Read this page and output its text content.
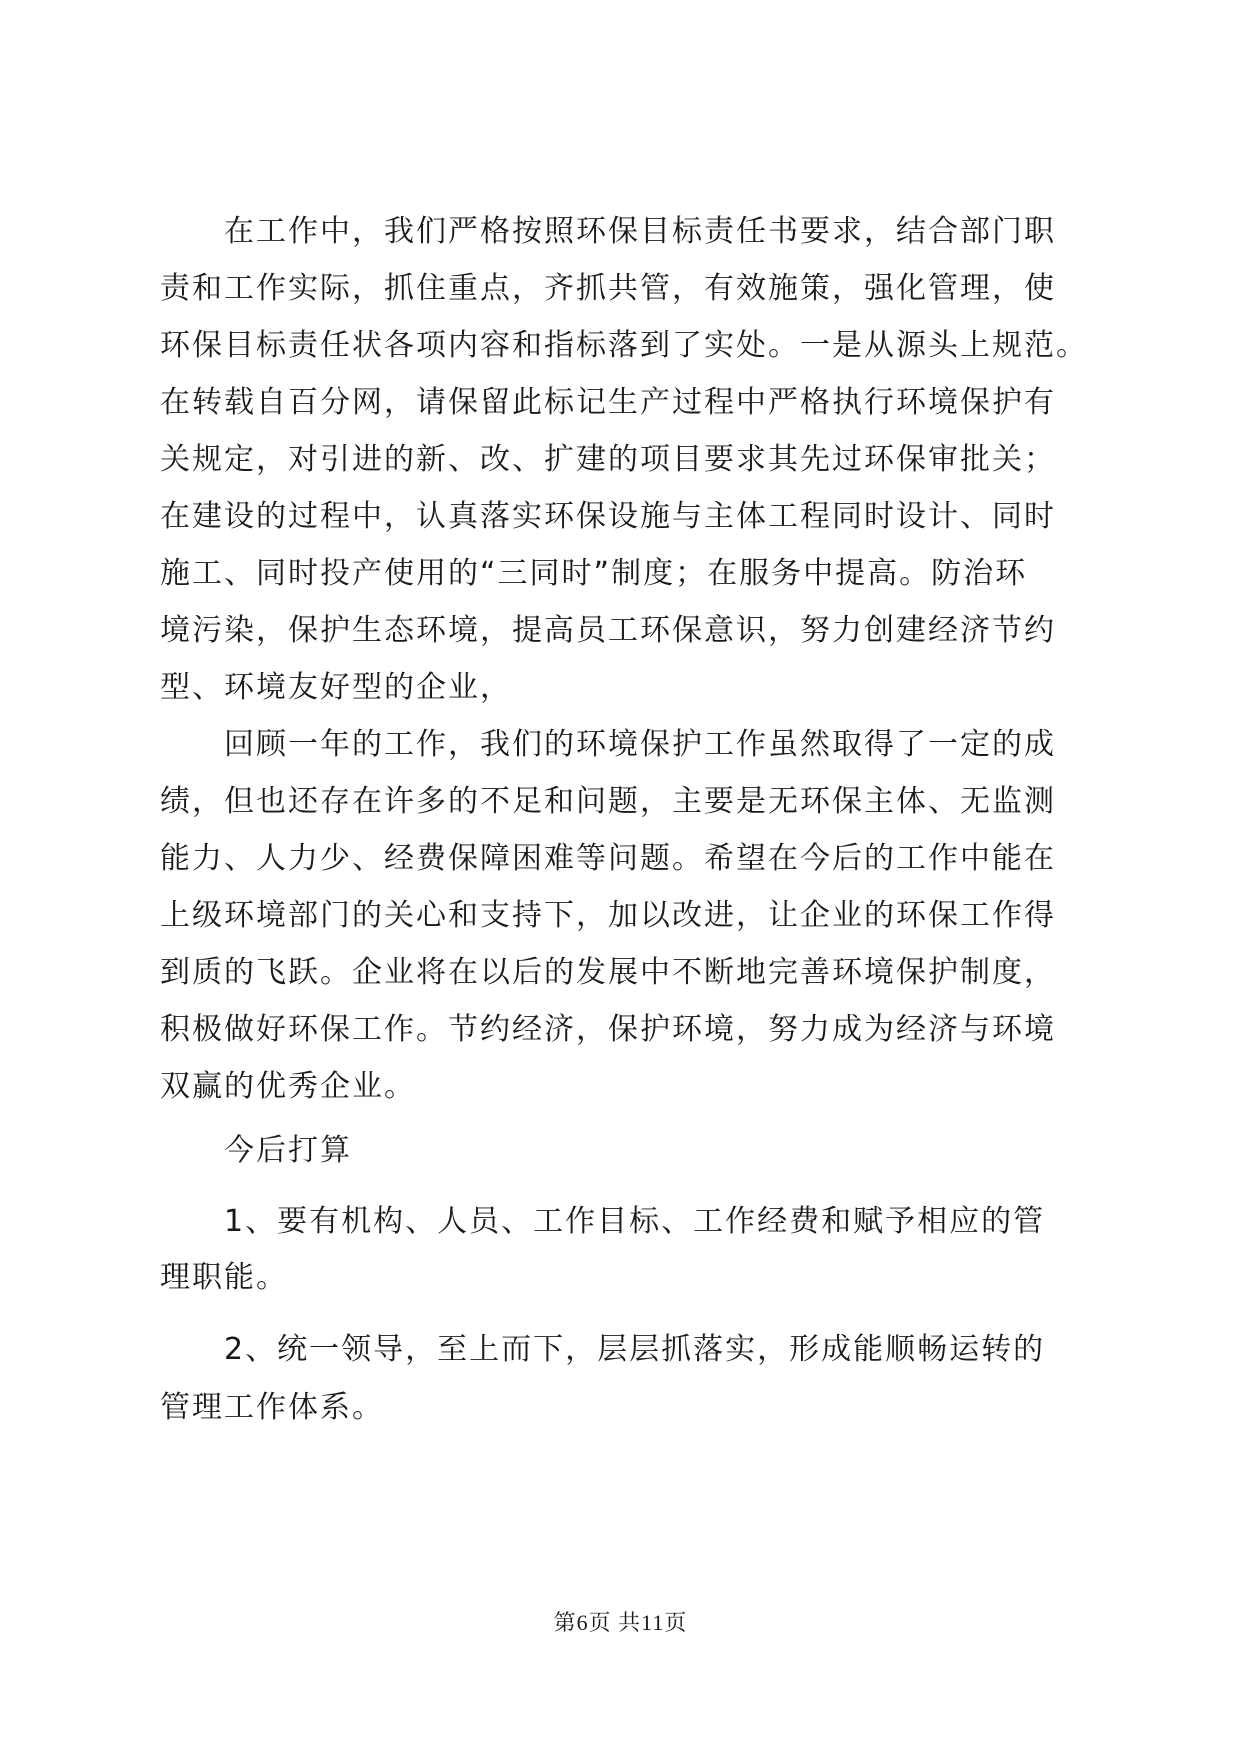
　　在工作中，我们严格按照环保目标责任书要求，结合部门职
责和工作实际，抓住重点，齐抓共管，有效施策，强化管理，使
环保目标责任状各项内容和指标落到了实处。一是从源头上规范。
在转载自百分网，请保留此标记生产过程中严格执行环境保护有
关规定，对引进的新、改、扩建的项目要求其先过环保审批关；
在建设的过程中，认真落实环保设施与主体工程同时设计、同时
施工、同时投产使用的“三同时”制度；在服务中提高。防治环
境污染，保护生态环境，提高员工环保意识，努力创建经济节约
型、环境友好型的企业，
　　回顾一年的工作，我们的环境保护工作虽然取得了一定的成
绩，但也还存在许多的不足和问题，主要是无环保主体、无监测
能力、人力少、经费保障困难等问题。希望在今后的工作中能在
上级环境部门的关心和支持下，加以改进，让企业的环保工作得
到质的飞跃。企业将在以后的发展中不断地完善环境保护制度，
积极做好环保工作。节约经济，保护环境，努力成为经济与环境
双赢的优秀企业。
　　今后打算
　　1、要有机构、人员、工作目标、工作经费和赋予相应的管
理职能。
　　2、统一领导，至上而下，层层抓落实，形成能顺畅运转的
管理工作体系。
第6页 共11页
